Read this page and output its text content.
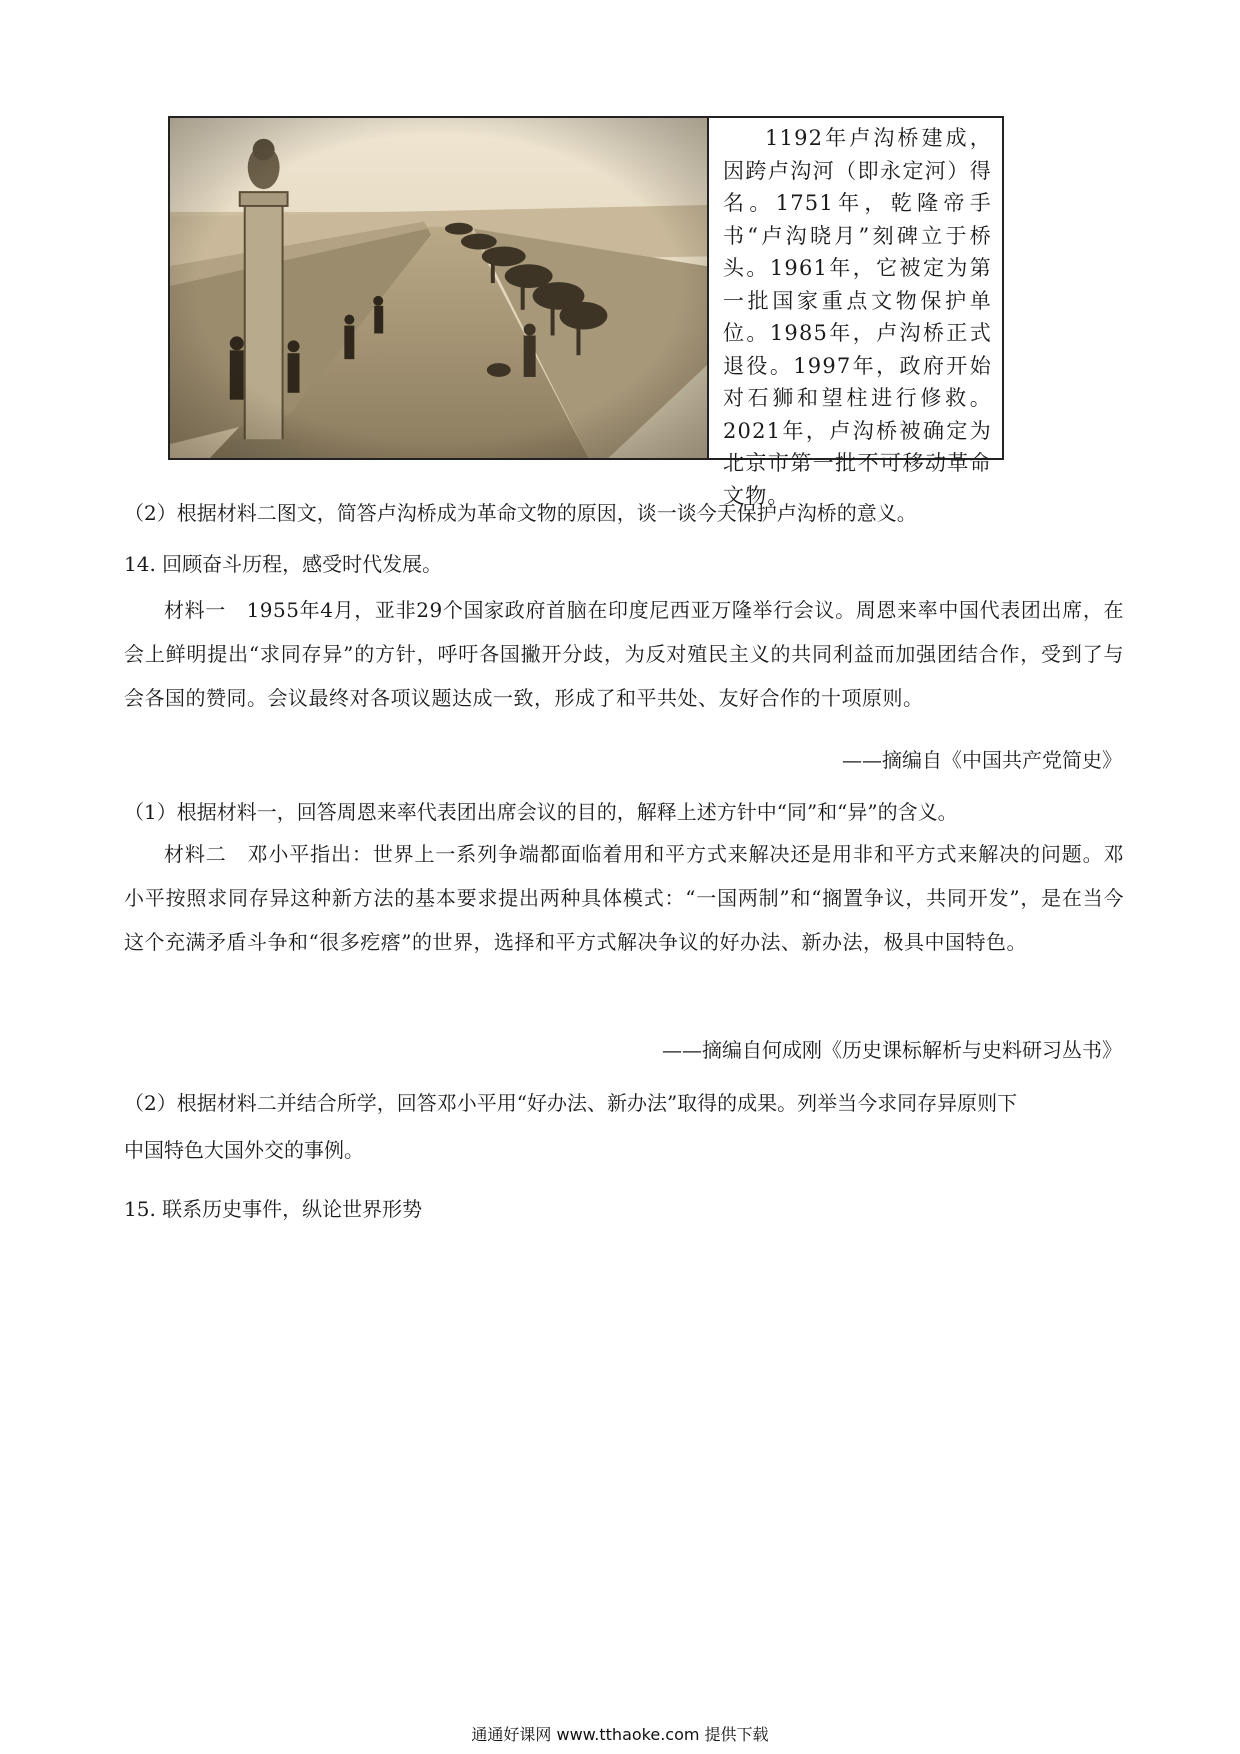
1192年卢沟桥建成，因跨卢沟河（即永定河）得名。1751年，乾隆帝手书“卢沟晓月”刻碑立于桥头。1961年，它被定为第一批国家重点文物保护单位。1985年，卢沟桥正式退役。1997年，政府开始对石狮和望柱进行修救。2021年，卢沟桥被确定为北京市第一批不可移动革命文物。
（2）根据材料二图文，简答卢沟桥成为革命文物的原因，谈一谈今天保护卢沟桥的意义。
14. 回顾奋斗历程，感受时代发展。
材料一　1955年4月，亚非29个国家政府首脑在印度尼西亚万隆举行会议。周恩来率中国代表团出席，在会上鲜明提出“求同存异”的方针，呼吁各国撇开分歧，为反对殖民主义的共同利益而加强团结合作，受到了与会各国的赞同。会议最终对各项议题达成一致，形成了和平共处、友好合作的十项原则。
——摘编自《中国共产党简史》
（1）根据材料一，回答周恩来率代表团出席会议的目的，解释上述方针中“同”和“异”的含义。
材料二　邓小平指出：世界上一系列争端都面临着用和平方式来解决还是用非和平方式来解决的问题。邓小平按照求同存异这种新方法的基本要求提出两种具体模式：“一国两制”和“搁置争议，共同开发”，是在当今这个充满矛盾斗争和“很多疙瘩”的世界，选择和平方式解决争议的好办法、新办法，极具中国特色。
——摘编自何成刚《历史课标解析与史料研习丛书》
（2）根据材料二并结合所学，回答邓小平用“好办法、新办法”取得的成果。列举当今求同存异原则下
中国特色大国外交的事例。
15. 联系历史事件，纵论世界形势
通通好课网 www.tthaoke.com 提供下载
